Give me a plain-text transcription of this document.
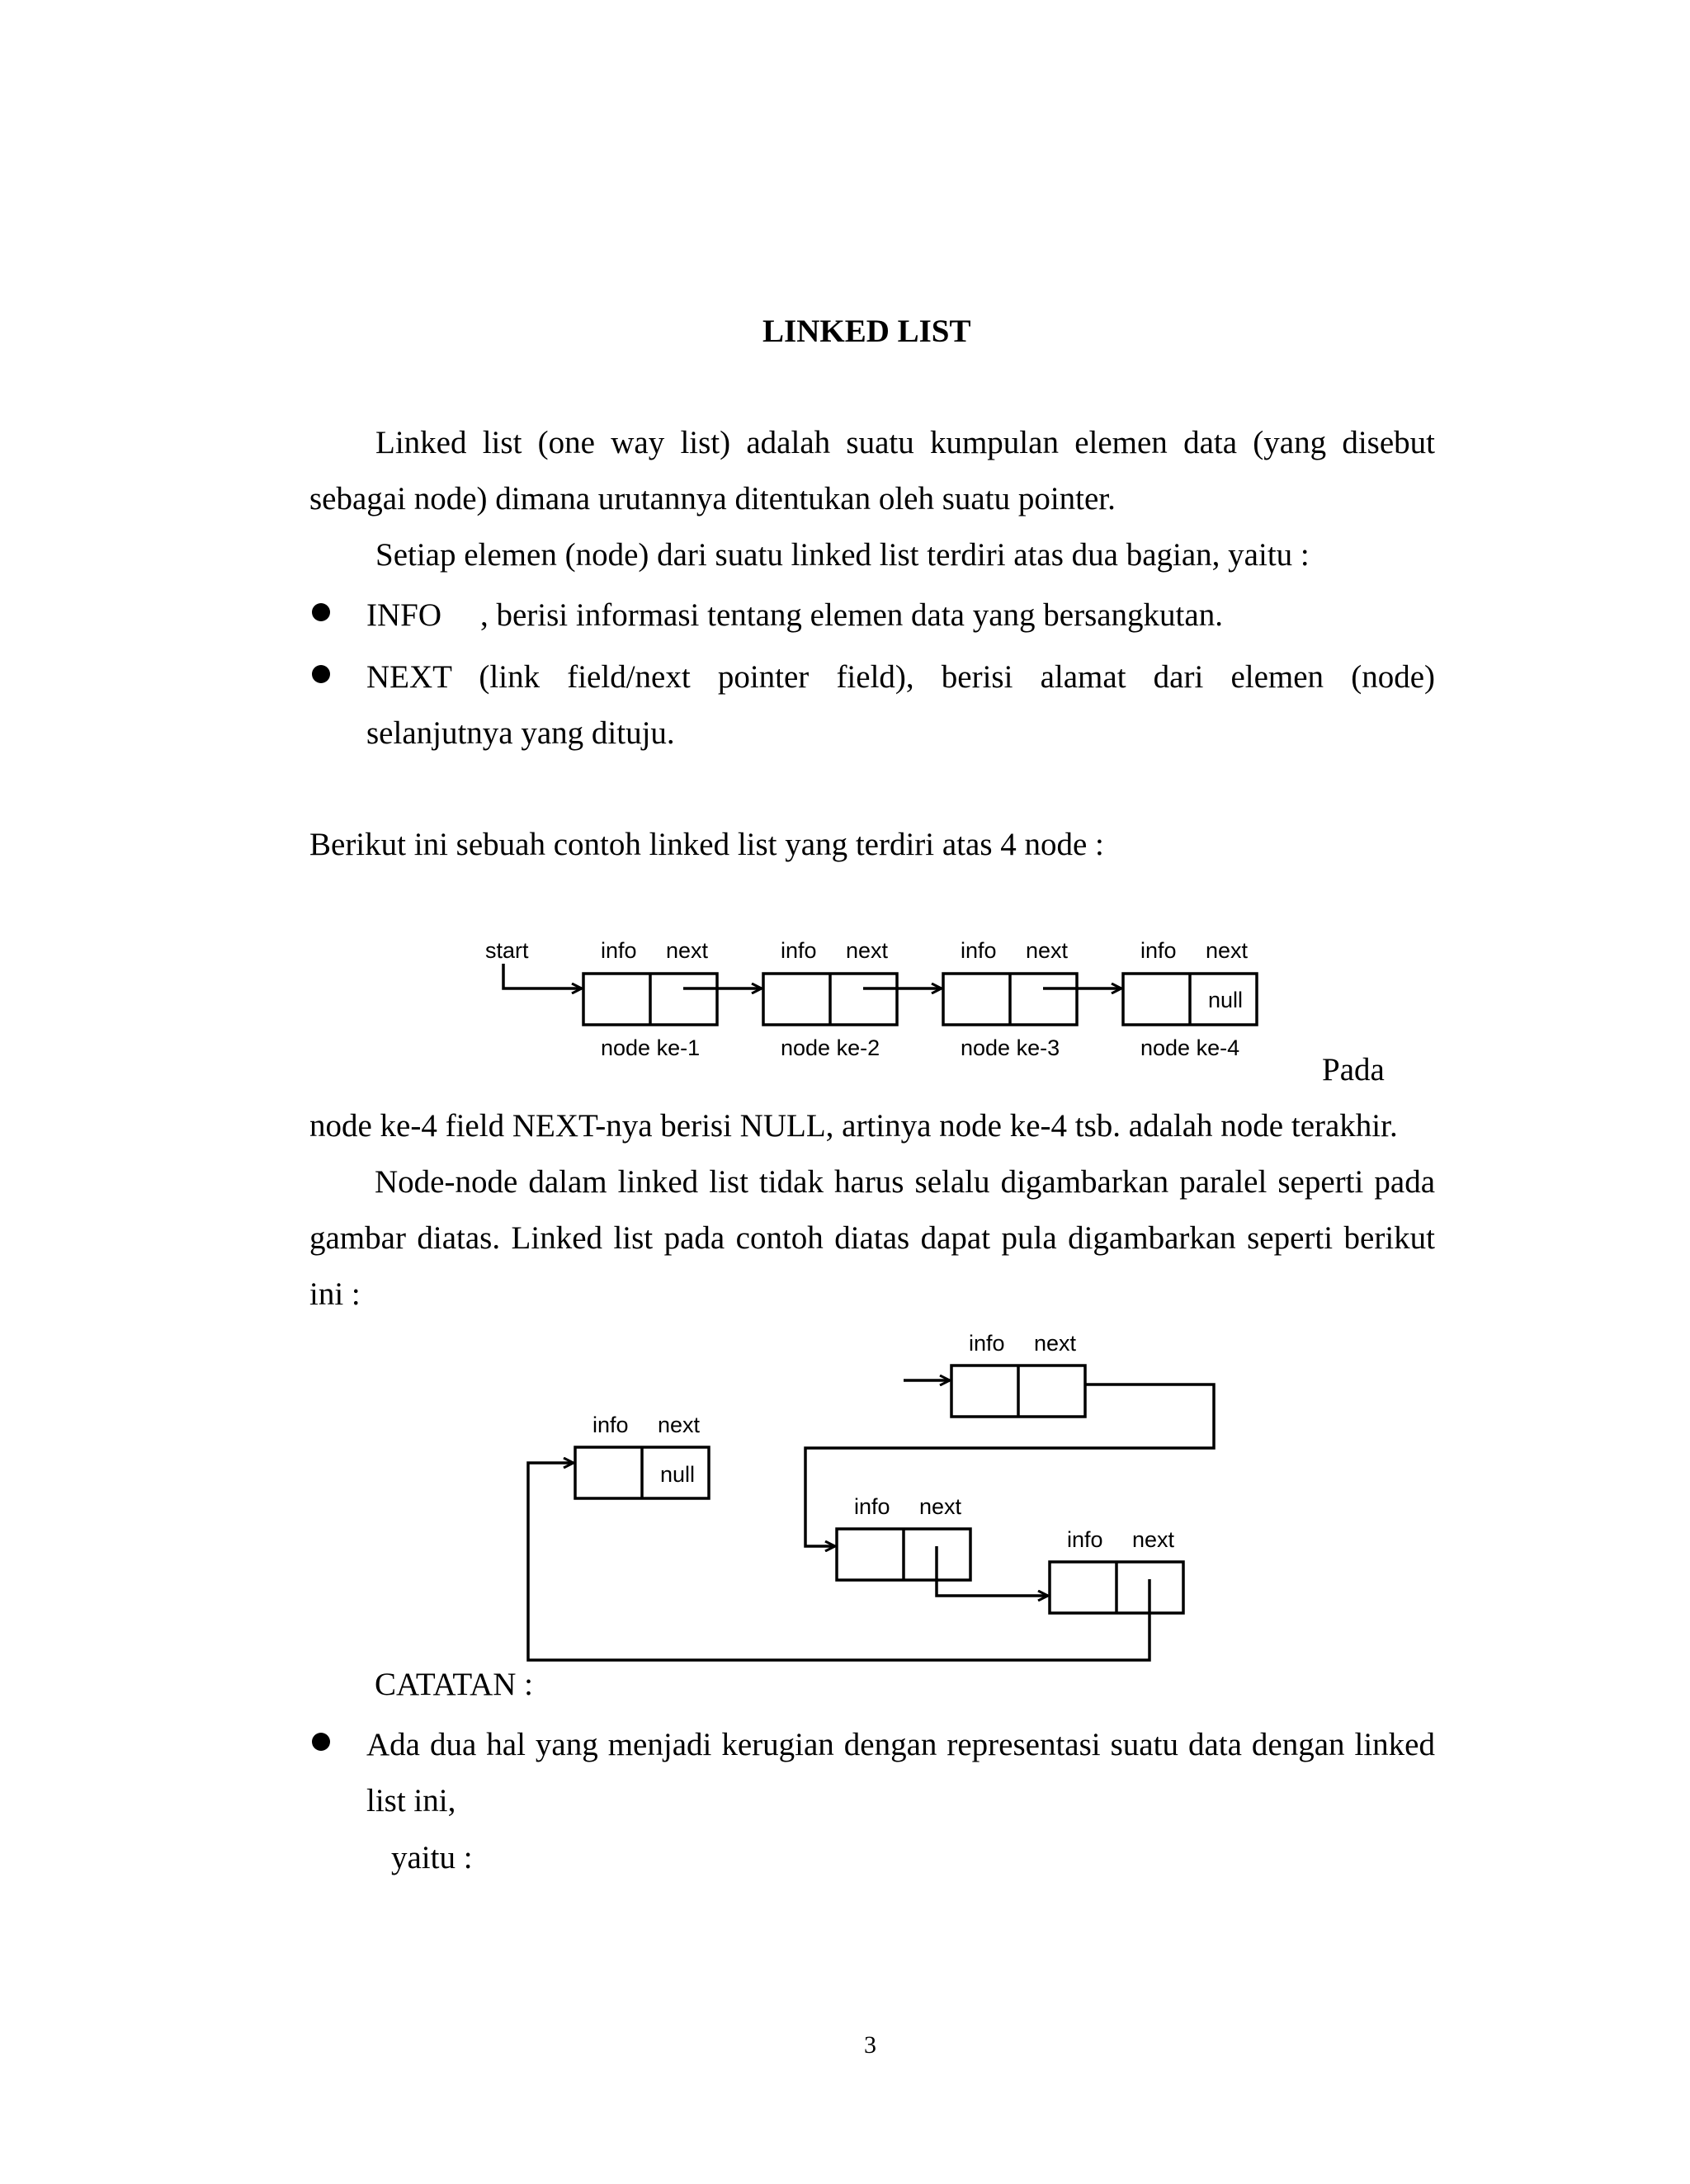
LINKED LIST
Linked list (one way list) adalah suatu kumpulan elemen data (yang disebut
sebagai node) dimana urutannya ditentukan oleh suatu pointer.
Setiap elemen (node) dari suatu linked list terdiri atas dua bagian, yaitu :
INFO , berisi informasi tentang elemen data yang bersangkutan.
NEXT (link field/next pointer field), berisi alamat dari elemen (node)
selanjutnya yang dituju.
Berikut ini sebuah contoh linked list yang terdiri atas 4 node :
start	info next
node ke-1
info next
node ke-2
info next
node ke-3
info next
null
node ke-4
info next
info next
info next
info next
null
Pada
node ke-4 field NEXT-nya berisi NULL, artinya node ke-4 tsb. adalah node terakhir.
Node-node dalam linked list tidak harus selalu digambarkan paralel seperti pada
gambar diatas. Linked list pada contoh diatas dapat pula digambarkan seperti berikut
ini :
CATATAN :
Ada dua hal yang menjadi kerugian dengan representasi suatu data dengan linked
list ini,
yaitu :
3
